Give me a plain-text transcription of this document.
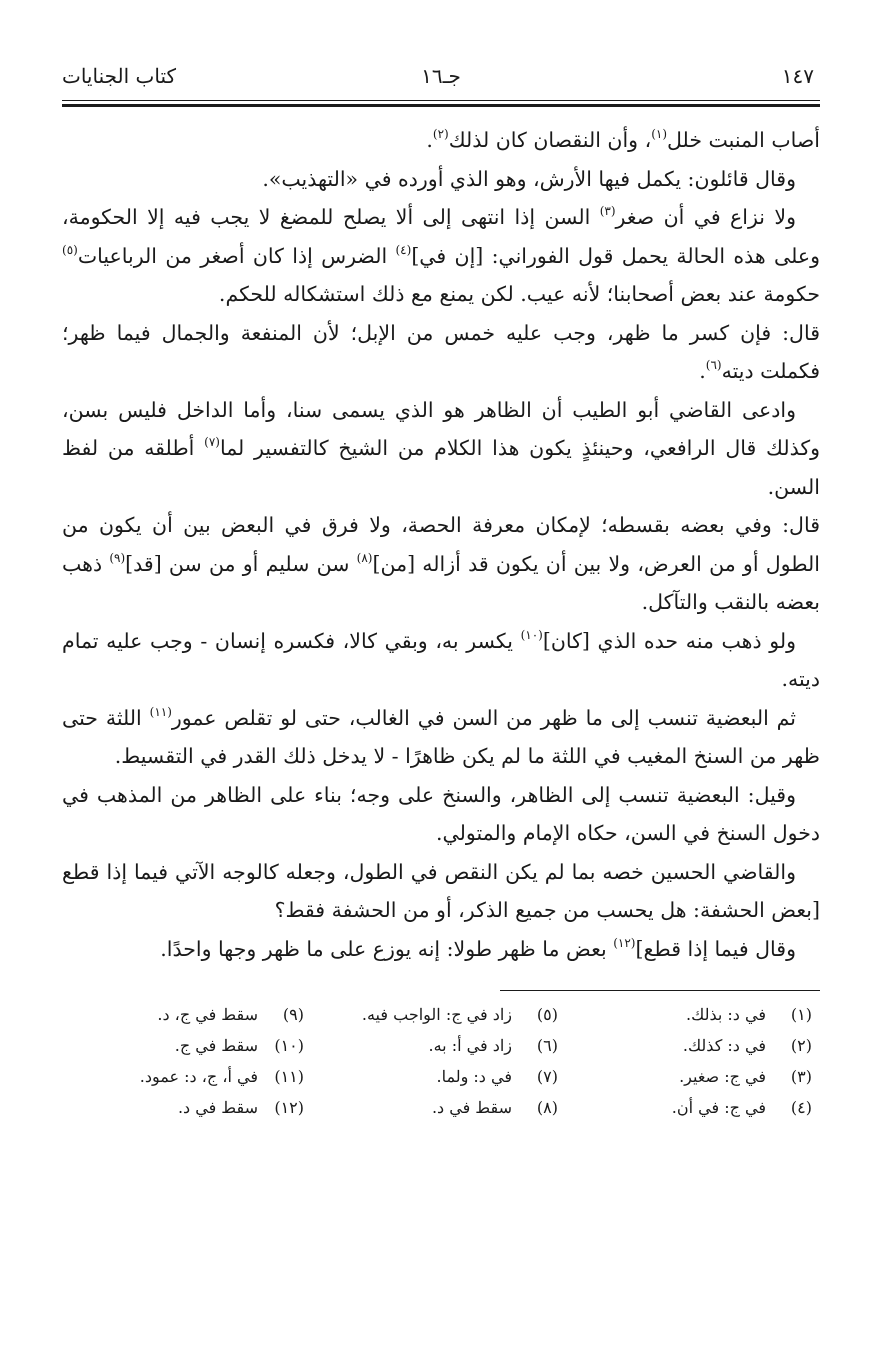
١٤٧
جـ١٦
كتاب الجنايات

أصاب المنبت خلل$^{(١)}$، وأن النقصان كان لذلك$^{(٢)}$.

وقال قائلون: يكمل فيها الأرش، وهو الذي أورده في «التهذيب».

ولا نزاع في أن صغر$^{(٣)}$ السن إذا انتهى إلى ألا يصلح للمضغ لا يجب فيه إلا الحكومة، وعلى هذه الحالة يحمل قول الفوراني: [إن في]$^{(٤)}$ الضرس إذا كان أصغر من الرباعيات$^{(٥)}$ حكومة عند بعض أصحابنا؛ لأنه عيب. لكن يمنع مع ذلك استشكاله للحكم.

قال: فإن كسر ما ظهر، وجب عليه خمس من الإبل؛ لأن المنفعة والجمال فيما ظهر؛ فكملت ديته$^{(٦)}$.

وادعى القاضي أبو الطيب أن الظاهر هو الذي يسمى سنا، وأما الداخل فليس بسن، وكذلك قال الرافعي، وحينئذٍ يكون هذا الكلام من الشيخ كالتفسير لما$^{(٧)}$ أطلقه من لفظ السن.

قال: وفي بعضه بقسطه؛ لإمكان معرفة الحصة، ولا فرق في البعض بين أن يكون من الطول أو من العرض، ولا بين أن يكون قد أزاله [من]$^{(٨)}$ سن سليم أو من سن [قد]$^{(٩)}$ ذهب بعضه بالنقب والتآكل.

ولو ذهب منه حده الذي [كان]$^{(١٠)}$ يكسر به، وبقي كالا، فكسره إنسان - وجب عليه تمام ديته.

ثم البعضية تنسب إلى ما ظهر من السن في الغالب، حتى لو تقلص عمور$^{(١١)}$ اللثة حتى ظهر من السنخ المغيب في اللثة ما لم يكن ظاهرًا - لا يدخل ذلك القدر في التقسيط.

وقيل: البعضية تنسب إلى الظاهر، والسنخ على وجه؛ بناء على الظاهر من المذهب في دخول السنخ في السن، حكاه الإمام والمتولي.

والقاضي الحسين خصه بما لم يكن النقص في الطول، وجعله كالوجه الآتي فيما إذا قطع [بعض الحشفة: هل يحسب من جميع الذكر، أو من الحشفة فقط؟

وقال فيما إذا قطع]$^{(١٢)}$ بعض ما ظهر طولا: إنه يوزع على ما ظهر وجها واحدًا.

(١)في د: بذلك.
(٢)في د: كذلك.
(٣)في ج: صغير.
(٤)في ج: في أن.
(٥)زاد في ج: الواجب فيه.
(٦)زاد في أ: به.
(٧)في د: ولما.
(٨)سقط في د.
(٩)سقط في ج، د.
(١٠)سقط في ج.
(١١)في أ، ج، د: عمود.
(١٢)سقط في د.
